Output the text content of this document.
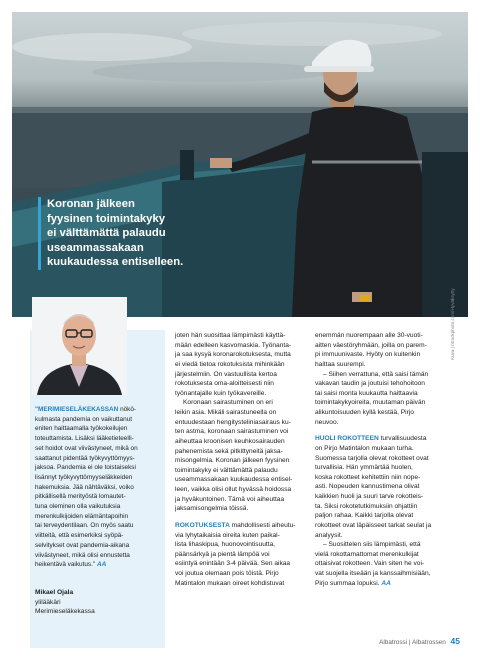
Koronan jälkeen
fyysinen toimintakyky
ei välttämättä palaudu
useammassakaan
kuukaudessa entiselleen.
"MERIMIESELÄKEKASSAN nökö-
kulmasta pandemia on vaikuttanut
eniten haittaamalla työkokeilujen
toteuttamista. Lisäksi lääketieteelli-
set hoidot ovat viivästyneet, mikä on
saattanut pidentää työkyvyttömyys-
jaksoa. Pandemia ei ole toistaiseksi
lisännyt työkyvyttömyyseläkkeiden
hakemuksia. Jää nähtäväksi, voiko
pitkällisellä merityöstä lomautet-
tuna oleminen olla vaikutuksia
merenkulkijoiden elämäntapoihin
tai terveydentilaan. On myös saatu
viitteitä, että esimerkiksi syöpä-
selvitykset ovat pandemia-aikana
viivästyneet, mikä olisi ennustetta
heikentävä vaikutus." AA
Mikael Ojala
ylilääkäri
Merimieseläkekassa
joten hän suosittaa lämpimästi käyttä-
mään edelleen kasvomaskia. Työnanta-
ja saa kysyä koronarokotuksesta, mutta
ei viedä tietoa rokotuksista mihinkään
järjestelmiin. On vastuullista kertoa
rokotuksesta oma-aloitteisesti niin
työnantajalle kuin työkavereille.
Koronaan sairastuminen on eri
leikin asia. Mikäli sairastuneella on
entuudestaan hengitysteliniasairaus ku-
ten astma, koronaan sairastuminen voi
aiheuttaa kroonisen keuhkosairauden
pahenemista sekä pitkittyneitä jaksa-
misongelmia. Koronan jälkeen fyysinen
toimintakyky ei välttämättä palaudu
useammassakaan kuukaudessa entisel-
leen, vaikka olisi ollut hyvässä hoidossa
ja hyväkuntoinen. Tämä voi aiheuttaa
jaksamisongelmia töissä.
ROKOTUKSESTA mahdollisesti aiheutu-
via lyhytaikaisia oireita kuten paikal-
lista lihaskipua, huonovointisuutta,
päänsärkyä ja pientä lämpöä voi
esiintyä enintään 3-4 päivää. Sen aikaa
voi joutua olemaan pois töistä. Pirjo
Matintalon mukaan oireet kohdistuvat
enemmän nuorempaan alle 30-vuoti-
aitten väestöryhmään, joilla on parem-
pi immuunivaste. Hyöty on kuitenkin
haittaa suurempi.
– Siihen verrattuna, että saisi tämän
vakavan taudin ja joutuisi tehohoitoon
tai saisi monta kuukautta haittaavia
toimintakykyoireita, muutaman päivän
alikuntoisuuden kyllä kestää, Pirjo
neuvoo.
HUOLI ROKOTTEEN turvallisuudesta
on Pirjo Matintalon mukaan turha.
Suomessa tarjolla olevat rokotteet ovat
turvallisia. Hän ymmärtää huolen,
koska rokotteet kehitettiin niin nope-
asti. Nopeuden kannustimena olivat
kaikkien huoli ja suuri tarve rokotteis-
ta. Siksi rokotetutkimuksiin ohjattiin
paljon rahaa. Kaikki tarjolla olevat
rokotteet ovat läpäisseet tarkat seulat ja
analyysit.
– Suosittelen siis lämpimästi, että
vielä rokottamattomat merenkulkijat
ottaisivat rokotteen. Vain siten he voi-
vat suojella itseään ja kanssaihmisiään,
Pirjo summaa lopuksi. AA
Kuva | iStockphoto.com/Hyväksytty
Albatrossi | Albatrossen 45
